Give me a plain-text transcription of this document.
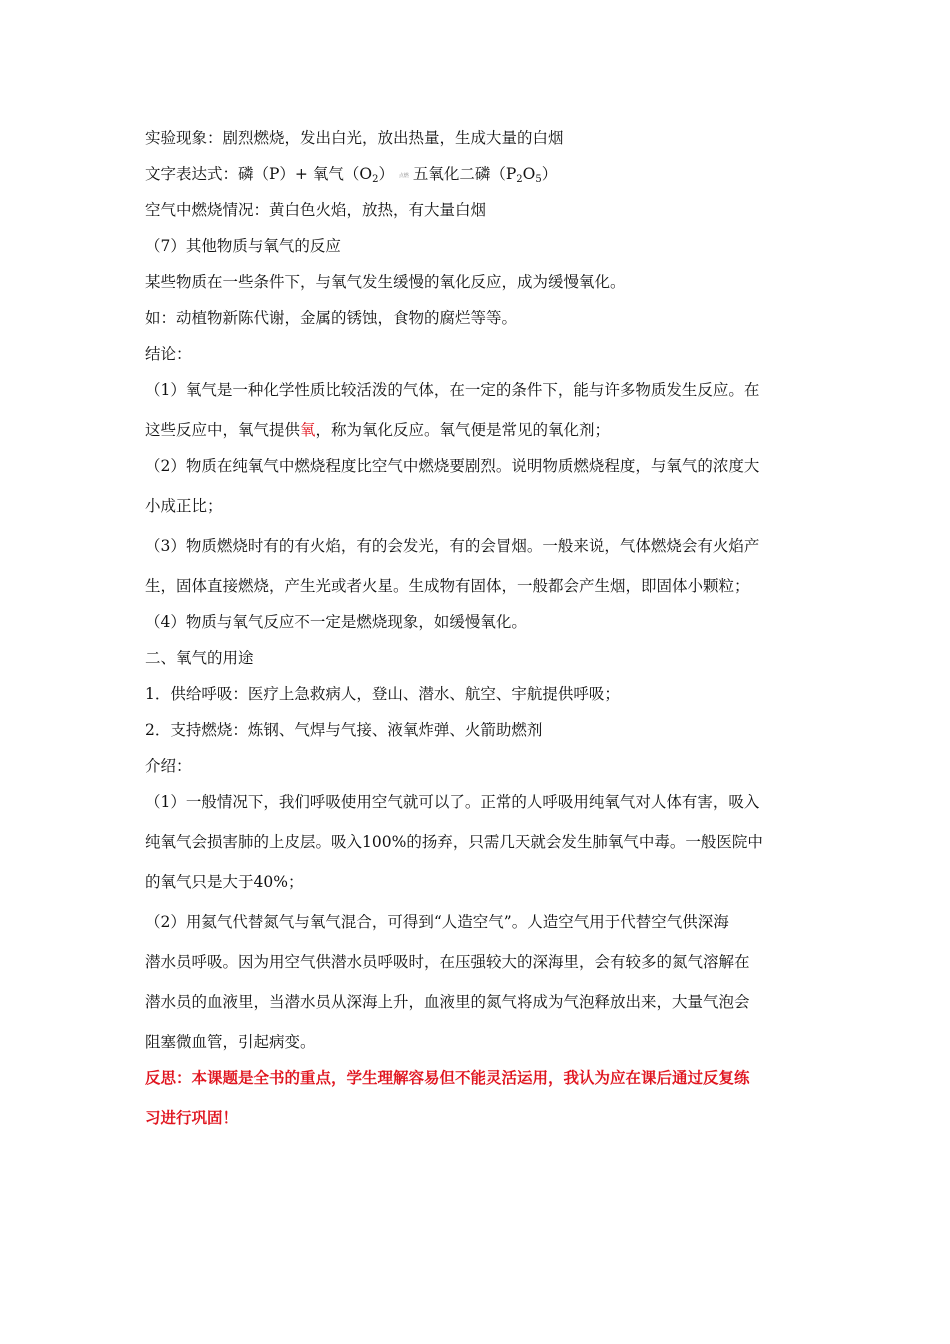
实验现象：剧烈燃烧，发出白光，放出热量，生成大量的白烟
文字表达式：磷（P）+ 氧气$(O_2)$ 点燃 五氧化二磷$(P_2O_5)$
空气中燃烧情况：黄白色火焰，放热，有大量白烟
（7）其他物质与氧气的反应
某些物质在一些条件下，与氧气发生缓慢的氧化反应，成为缓慢氧化。
如：动植物新陈代谢，金属的锈蚀，食物的腐烂等等。
结论：
（1）氧气是一种化学性质比较活泼的气体，在一定的条件下，能与许多物质发生反应。在
这些反应中，氧气提供氧，称为氧化反应。氧气便是常见的氧化剂；
（2）物质在纯氧气中燃烧程度比空气中燃烧要剧烈。说明物质燃烧程度，与氧气的浓度大
小成正比；
（3）物质燃烧时有的有火焰，有的会发光，有的会冒烟。一般来说，气体燃烧会有火焰产
生，固体直接燃烧，产生光或者火星。生成物有固体，一般都会产生烟，即固体小颗粒；
（4）物质与氧气反应不一定是燃烧现象，如缓慢氧化。
二、氧气的用途
1．供给呼吸：医疗上急救病人，登山、潜水、航空、宇航提供呼吸；
2．支持燃烧：炼钢、气焊与气接、液氧炸弹、火箭助燃剂
介绍：
（1）一般情况下，我们呼吸使用空气就可以了。正常的人呼吸用纯氧气对人体有害，吸入
纯氧气会损害肺的上皮层。吸入100%的扬弃，只需几天就会发生肺氧气中毒。一般医院中
的氧气只是大于40%；
（2）用氦气代替氮气与氧气混合，可得到“人造空气”。人造空气用于代替空气供深海
潜水员呼吸。因为用空气供潜水员呼吸时，在压强较大的深海里，会有较多的氮气溶解在
潜水员的血液里，当潜水员从深海上升，血液里的氮气将成为气泡释放出来，大量气泡会
阻塞微血管，引起病变。
反思：本课题是全书的重点，学生理解容易但不能灵活运用，我认为应在课后通过反复练
习进行巩固！
